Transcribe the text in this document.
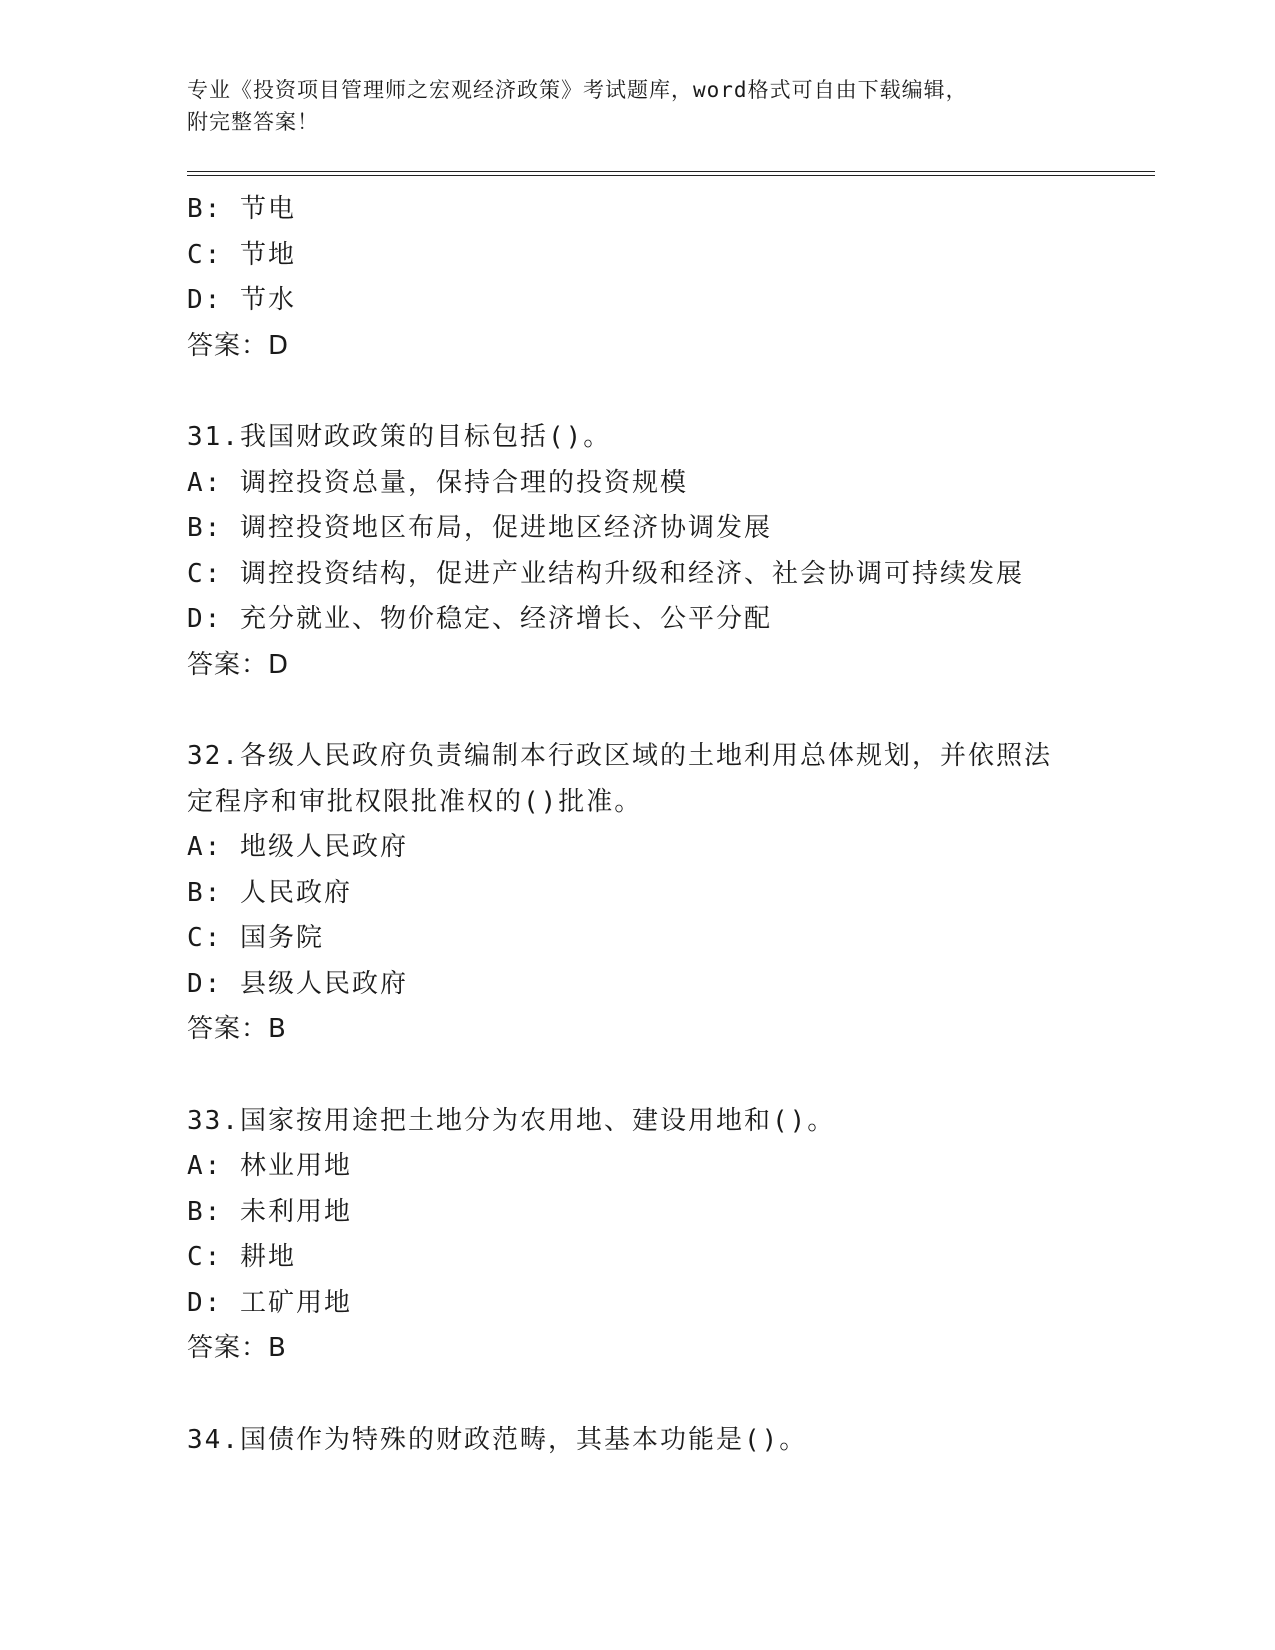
专业《投资项目管理师之宏观经济政策》考试题库，word格式可自由下载编辑，
附完整答案！
B: 节电
C: 节地
D: 节水
答案：D
31.我国财政政策的目标包括()。
A: 调控投资总量，保持合理的投资规模
B: 调控投资地区布局，促进地区经济协调发展
C: 调控投资结构，促进产业结构升级和经济、社会协调可持续发展
D: 充分就业、物价稳定、经济增长、公平分配
答案：D
32.各级人民政府负责编制本行政区域的土地利用总体规划，并依照法
定程序和审批权限批准权的()批准。
A: 地级人民政府
B: 人民政府
C: 国务院
D: 县级人民政府
答案：B
33.国家按用途把土地分为农用地、建设用地和()。
A: 林业用地
B: 未利用地
C: 耕地
D: 工矿用地
答案：B
34.国债作为特殊的财政范畴，其基本功能是()。
